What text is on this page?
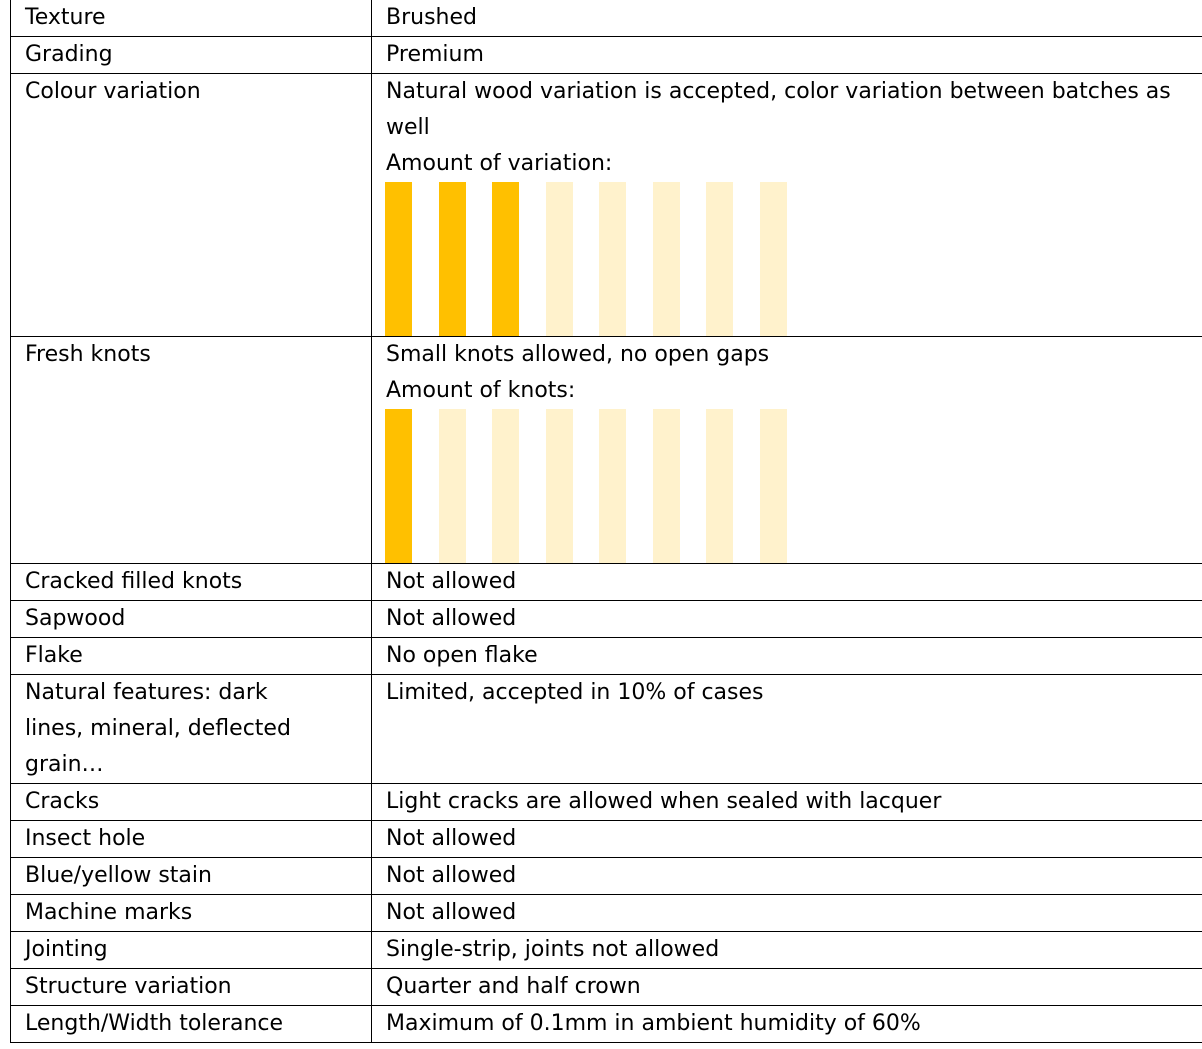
Texture	Brushed
Grading	Premium
Colour variation	Natural wood variation is accepted, color variation between batches as well
Amount of variation:

Fresh knots	Small knots allowed, no open gaps
Amount of knots:

Cracked filled knots	Not allowed
Sapwood	Not allowed
Flake	No open flake
Natural features: dark lines, mineral, deflected grain…	Limited, accepted in 10% of cases
Cracks	Light cracks are allowed when sealed with lacquer
Insect hole	Not allowed
Blue/yellow stain	Not allowed
Machine marks	Not allowed
Jointing	Single-strip, joints not allowed
Structure variation	Quarter and half crown
Length/Width tolerance	Maximum of 0.1mm in ambient humidity of 60%
